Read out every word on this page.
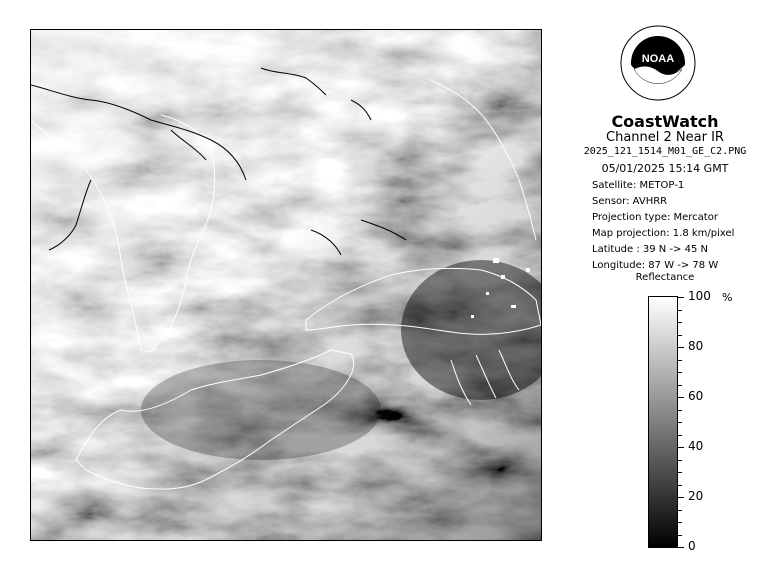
NOAA
CoastWatch
Channel 2 Near IR
2025_121_1514_M01_GE_C2.PNG
05/01/2025 15:14 GMT
Satellite: METOP-1
Sensor: AVHRR
Projection type: Mercator
Map projection: 1.8 km/pixel
Latitude : 39 N -> 45 N
Longitude: 87 W -> 78 W
Reflectance
%
100
80
60
40
20
0
